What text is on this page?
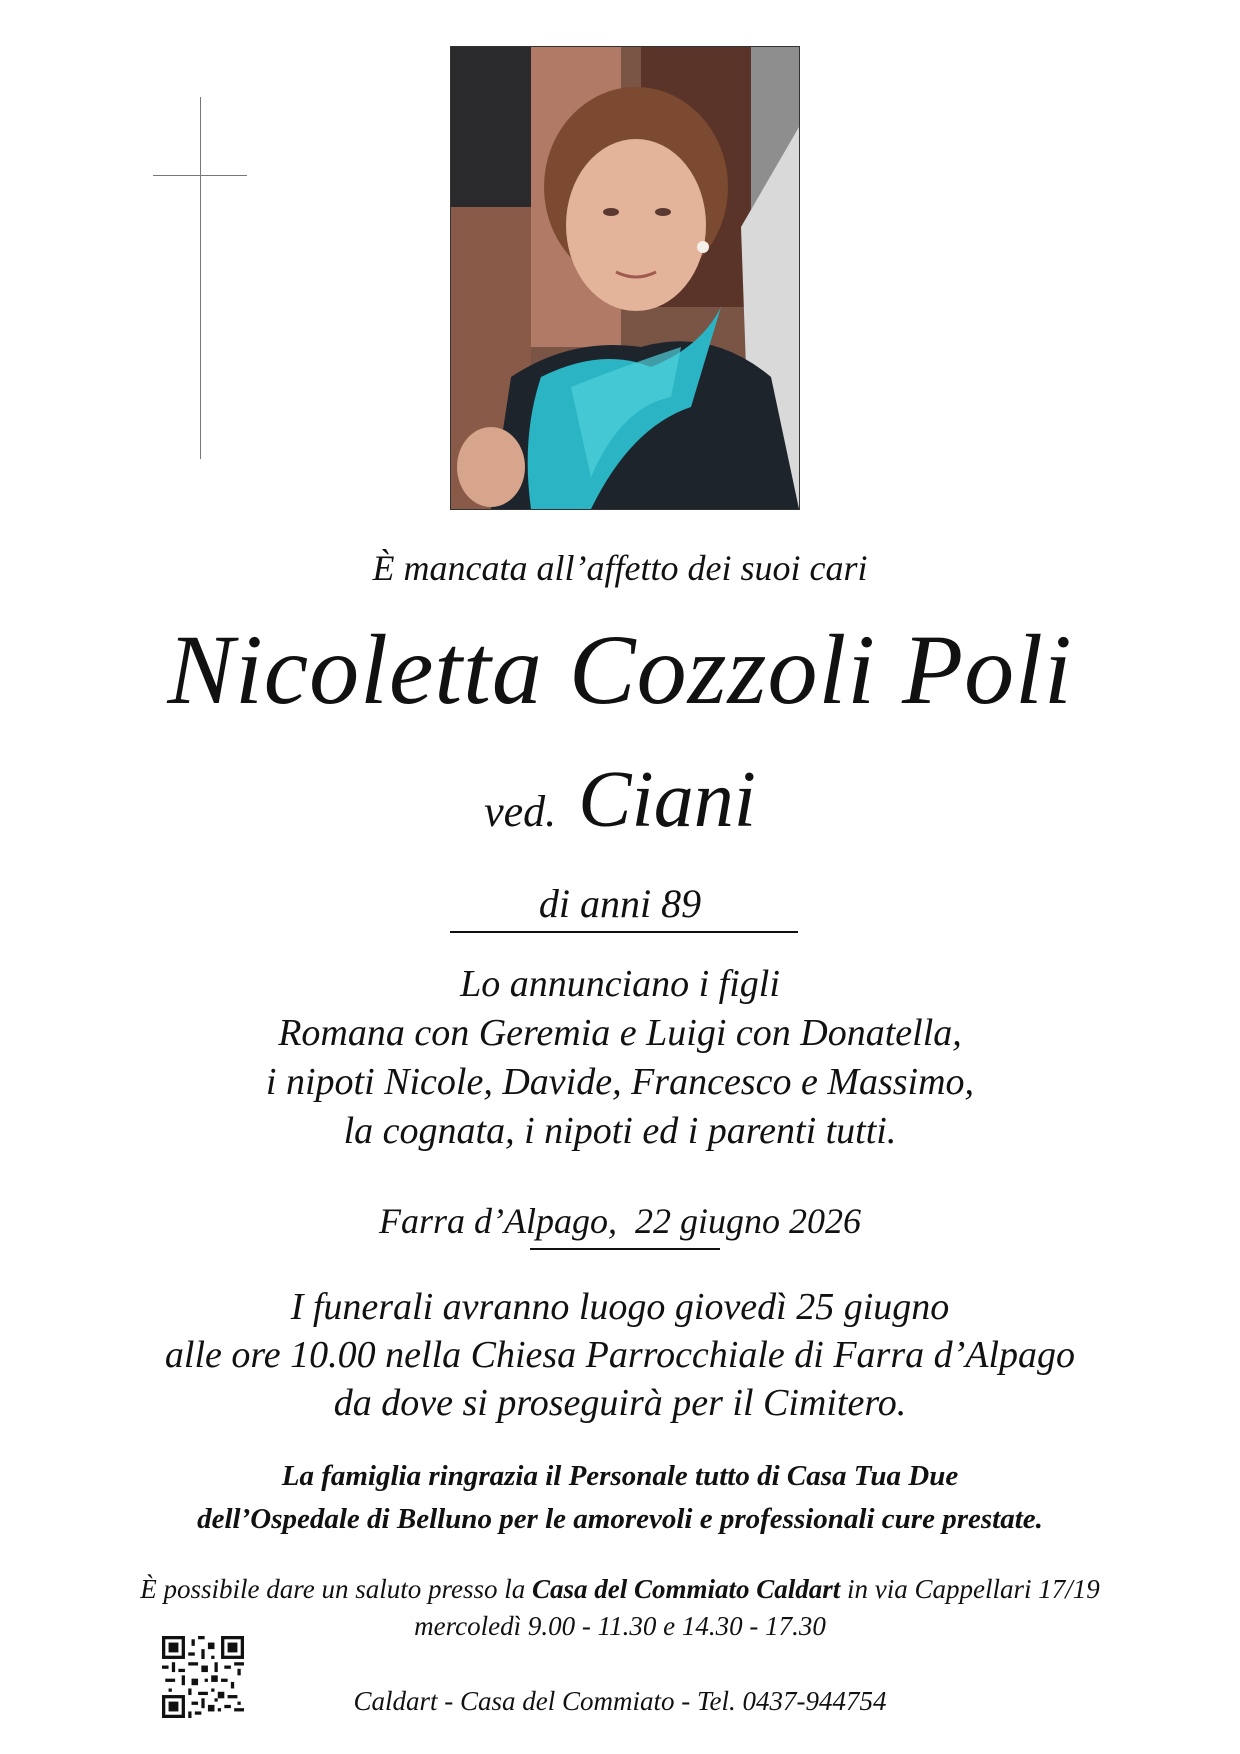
È mancata all’affetto dei suoi cari
Nicoletta Cozzoli Poli
ved. Ciani
di anni 89
Lo annunciano i figli
Romana con Geremia e Luigi con Donatella,
i nipoti Nicole, Davide, Francesco e Massimo,
la cognata, i nipoti ed i parenti tutti.
Farra d’Alpago,  22 giugno 2026
I funerali avranno luogo giovedì 25 giugno
alle ore 10.00 nella Chiesa Parrocchiale di Farra d’Alpago
da dove si proseguirà per il Cimitero.
La famiglia ringrazia il Personale tutto di Casa Tua Due
dell’Ospedale di Belluno per le amorevoli e professionali cure prestate.
È possibile dare un saluto presso la Casa del Commiato Caldart in via Cappellari 17/19
mercoledì 9.00 - 11.30 e 14.30 - 17.30
Caldart - Casa del Commiato - Tel. 0437-944754
